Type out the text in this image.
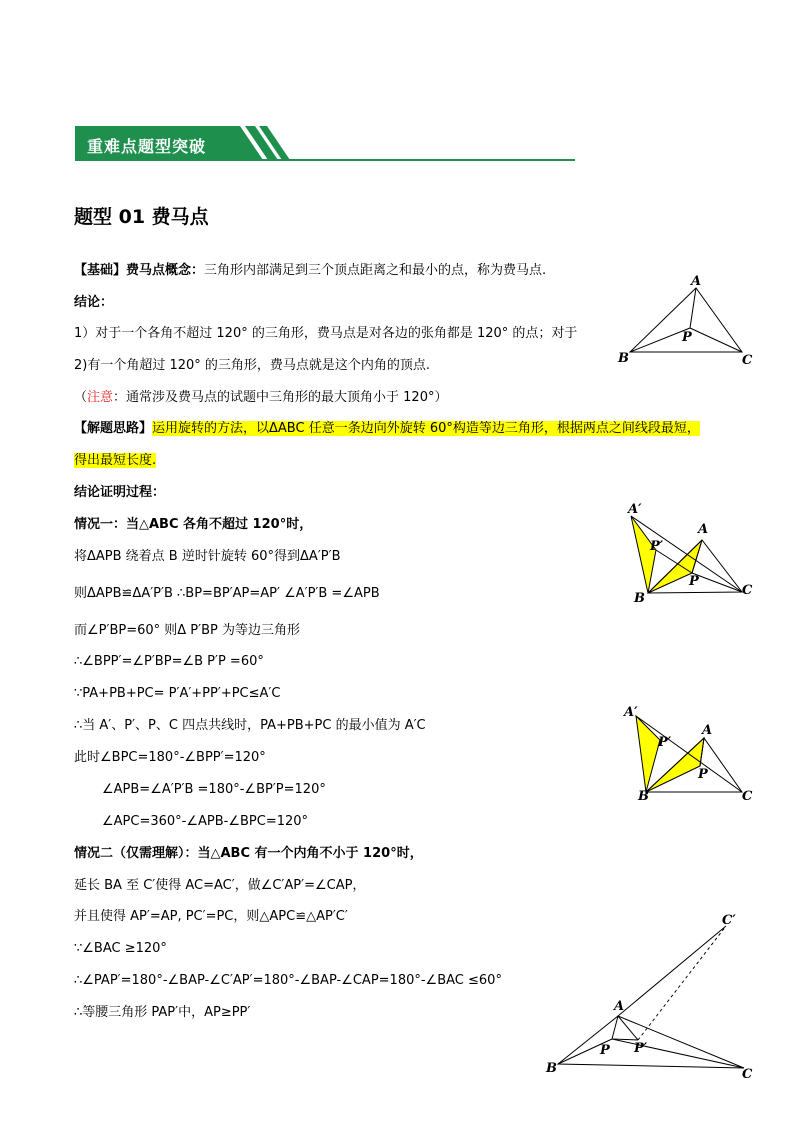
重难点题型突破
题型 01 费马点
【基础】费马点概念：三角形内部满足到三个顶点距离之和最小的点，称为费马点.
结论：
1）对于一个各角不超过 120° 的三角形，费马点是对各边的张角都是 120° 的点；对于
2)有一个角超过 120° 的三角形，费马点就是这个内角的顶点.
（注意：通常涉及费马点的试题中三角形的最大顶角小于 120°）
【解题思路】运用旋转的方法，以ΔABC 任意一条边向外旋转 60°构造等边三角形，根据两点之间线段最短，
得出最短长度.
结论证明过程：
情况一：当△ABC 各角不超过 120°时，
将ΔAPB 绕着点 B 逆时针旋转 60°得到ΔA′P′B
则ΔAPB≌ΔA′P′B ∴BP=BP′AP=AP′ ∠A′P′B =∠APB
而∠P′BP=60° 则Δ P′BP 为等边三角形
∴∠BPP′=∠P′BP=∠B P′P =60°
∵PA+PB+PC= P′A′+PP′+PC≤A′C
∴当 A′、P′、P、C 四点共线时，PA+PB+PC 的最小值为 A′C
此时∠BPC=180°-∠BPP′=120°
∠APB=∠A′P′B =180°-∠BP′P=120°
∠APC=360°-∠APB-∠BPC=120°
情况二（仅需理解）：当△ABC 有一个内角不小于 120°时，
延长 BA 至 C′使得 AC=AC′，做∠C′AP′=∠CAP，
并且使得 AP′=AP, PC′=PC，则△APC≌△AP′C′
∵∠BAC ≥120°
∴∠PAP′=180°-∠BAP-∠C′AP′=180°-∠BAP-∠CAP=180°-∠BAC ≤60°
∴等腰三角形 PAP′中，AP≥PP′
A
B	C
P
A′
A
P′
P
B
C
A′
A
P′
P
B	C
C′
A
P P′
B	C
